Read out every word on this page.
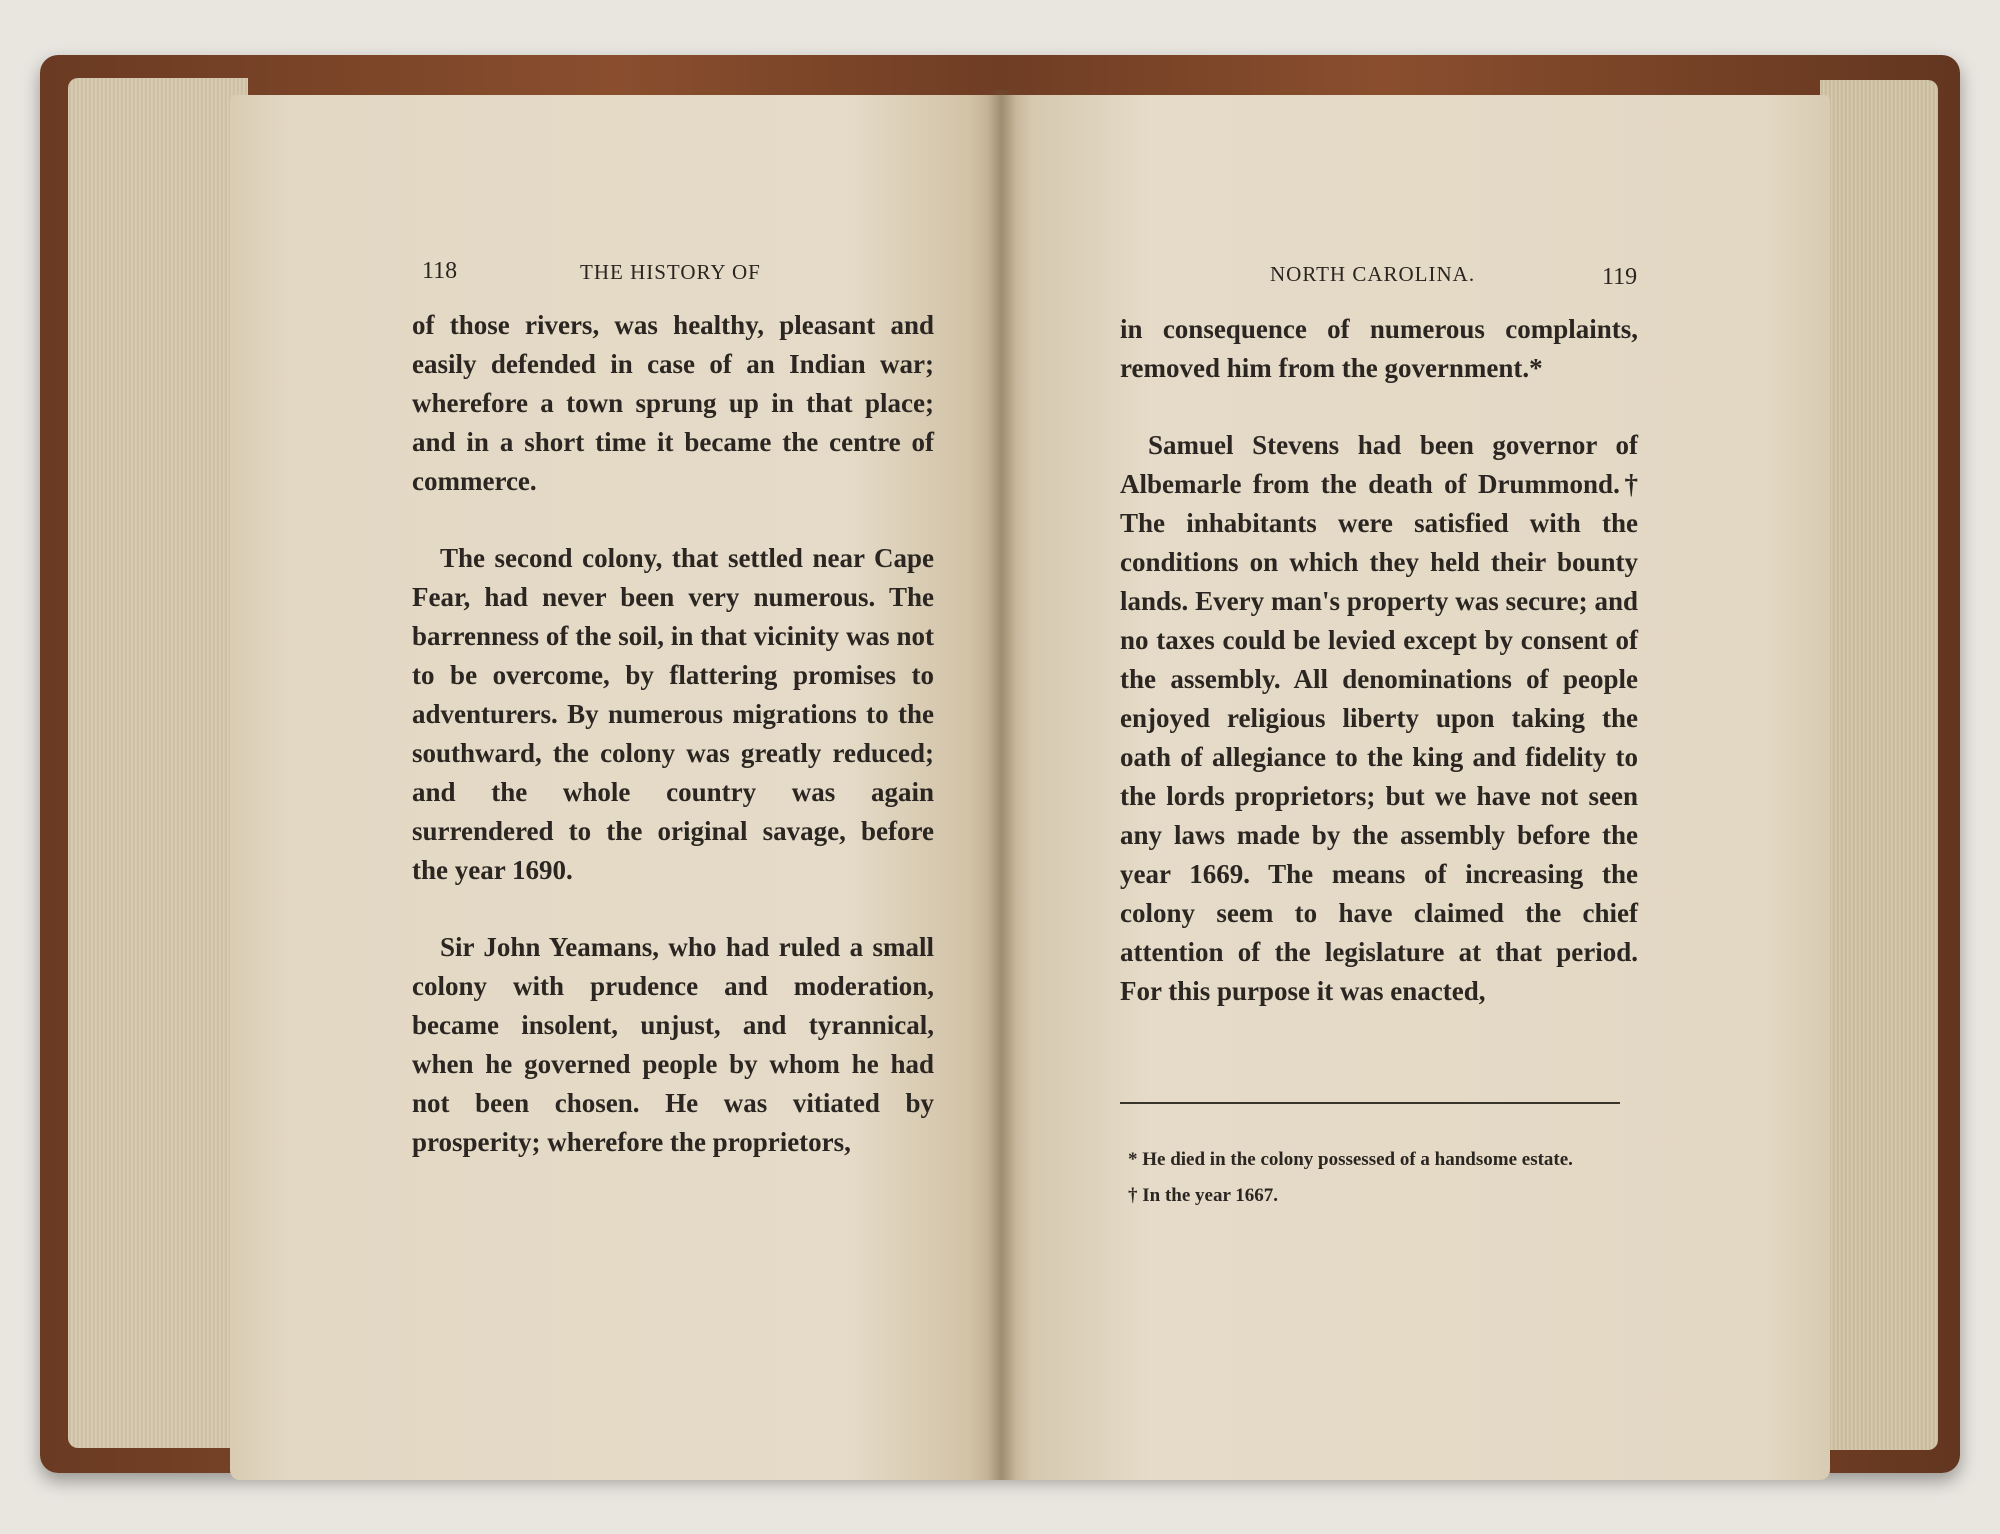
118	THE HISTORY OF

of those rivers, was healthy, pleasant and easily defended in case of an Indian war; wherefore a town sprung up in that place; and in a short time it became the centre of commerce.

The second colony, that settled near Cape Fear, had never been very numerous. The barrenness of the soil, in that vicinity was not to be overcome, by flattering promises to adventurers. By numerous migrations to the southward, the colony was greatly reduced; and the whole country was again surrendered to the original savage, before the year 1690.

Sir John Yeamans, who had ruled a small colony with prudence and moderation, became insolent, unjust, and tyrannical, when he governed people by whom he had not been chosen. He was vitiated by prosperity; wherefore the proprietors,

NORTH CAROLINA.	119

in consequence of numerous complaints, removed him from the government.*

Samuel Stevens had been governor of Albemarle from the death of Drummond.† The inhabitants were satisfied with the conditions on which they held their bounty lands. Every man's property was secure; and no taxes could be levied except by consent of the assembly. All denominations of people enjoyed religious liberty upon taking the oath of allegiance to the king and fidelity to the lords proprietors; but we have not seen any laws made by the assembly before the year 1669. The means of increasing the colony seem to have claimed the chief attention of the legislature at that period. For this purpose it was enacted,

* He died in the colony possessed of a handsome estate.
† In the year 1667.
